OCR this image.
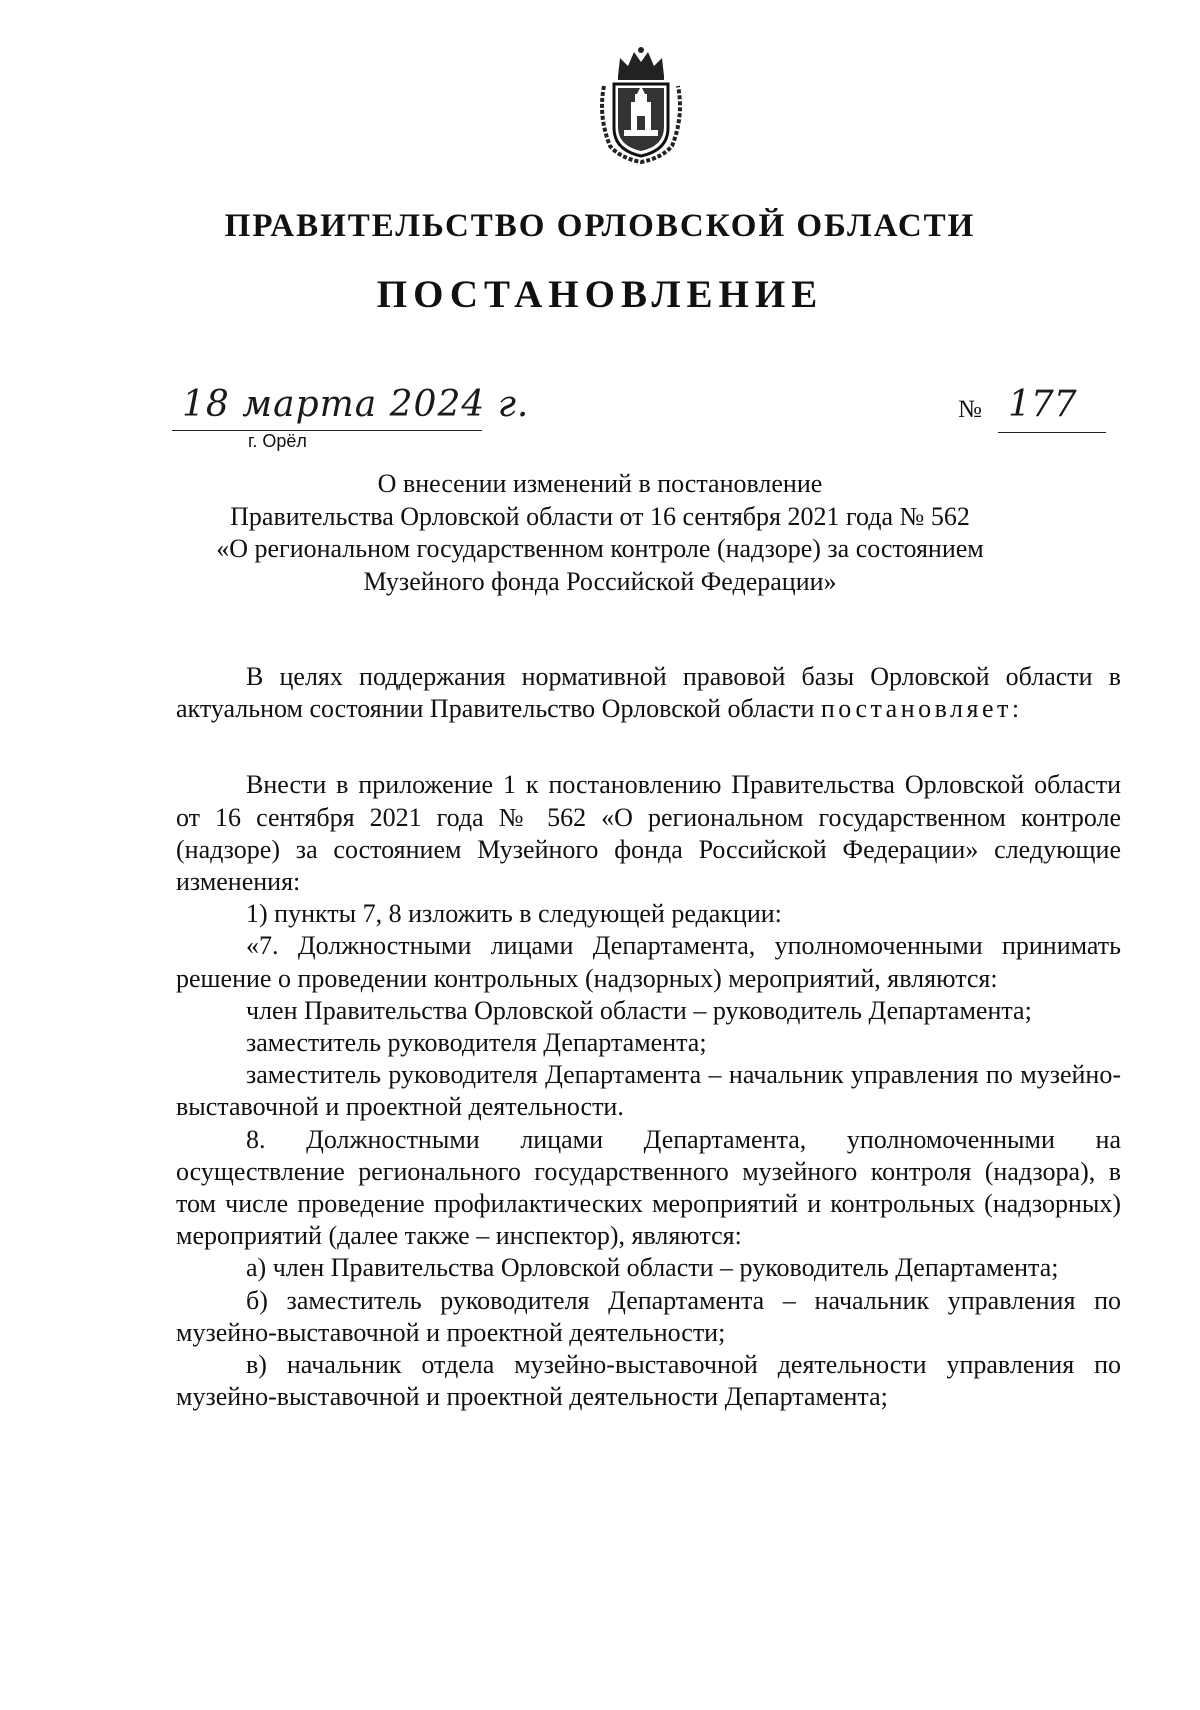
ПРАВИТЕЛЬСТВО ОРЛОВСКОЙ ОБЛАСТИ
ПОСТАНОВЛЕНИЕ
18 марта 2024 г.
г. Орёл
№ 177
О внесении изменений в постановление
Правительства Орловской области от 16 сентября 2021 года № 562
«О региональном государственном контроле (надзоре) за состоянием
Музейного фонда Российской Федерации»

В целях поддержания нормативной правовой базы Орловской области в актуальном состоянии Правительство Орловской области постановляет:

Внести в приложение 1 к постановлению Правительства Орловской области от 16 сентября 2021 года № 562 «О региональном государственном контроле (надзоре) за состоянием Музейного фонда Российской Федерации» следующие изменения:

1) пункты 7, 8 изложить в следующей редакции:

«7. Должностными лицами Департамента, уполномоченными принимать решение о проведении контрольных (надзорных) мероприятий, являются:

член Правительства Орловской области – руководитель Департамента;

заместитель руководителя Департамента;

заместитель руководителя Департамента – начальник управления по музейно-выставочной и проектной деятельности.

8. Должностными лицами Департамента, уполномоченными на осуществление регионального государственного музейного контроля (надзора), в том числе проведение профилактических мероприятий и контрольных (надзорных) мероприятий (далее также – инспектор), являются:

а) член Правительства Орловской области – руководитель Департамента;

б) заместитель руководителя Департамента – начальник управления по музейно-выставочной и проектной деятельности;

в) начальник отдела музейно-выставочной деятельности управления по музейно-выставочной и проектной деятельности Департамента;
